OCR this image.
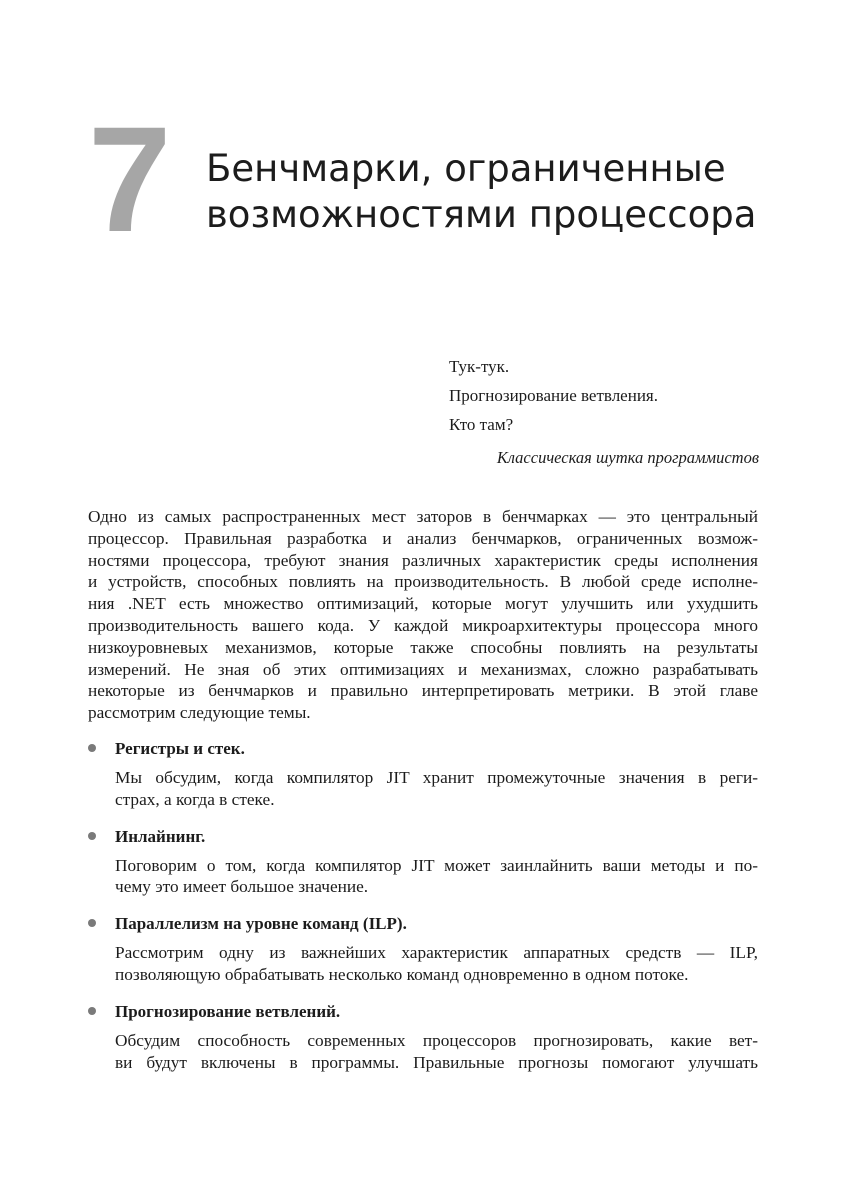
7 Бенчмарки, ограниченные
возможностями процессора
Тук-тук.
Прогнозирование ветвления.
Кто там?
Классическая шутка программистов
Одно из самых распространенных мест заторов в бенчмарках — это центральный
процессор. Правильная разработка и анализ бенчмарков, ограниченных возмож-
ностями процессора, требуют знания различных характеристик среды исполнения
и устройств, способных повлиять на производительность. В любой среде исполне-
ния .NET есть множество оптимизаций, которые могут улучшить или ухудшить
производительность вашего кода. У каждой микроархитектуры процессора много
низкоуровневых механизмов, которые также способны повлиять на результаты
измерений. Не зная об этих оптимизациях и механизмах, сложно разрабатывать
некоторые из бенчмарков и правильно интерпретировать метрики. В этой главе
рассмотрим следующие темы.
Регистры и стек.
Мы обсудим, когда компилятор JIT хранит промежуточные значения в реги-
страх, а когда в стеке.
Инлайнинг.
Поговорим о том, когда компилятор JIT может заинлайнить ваши методы и по-
чему это имеет большое значение.
Параллелизм на уровне команд (ILP).
Рассмотрим одну из важнейших характеристик аппаратных средств — ILP,
позволяющую обрабатывать несколько команд одновременно в одном потоке.
Прогнозирование ветвлений.
Обсудим способность современных процессоров прогнозировать, какие вет-
ви будут включены в программы. Правильные прогнозы помогают улучшать
